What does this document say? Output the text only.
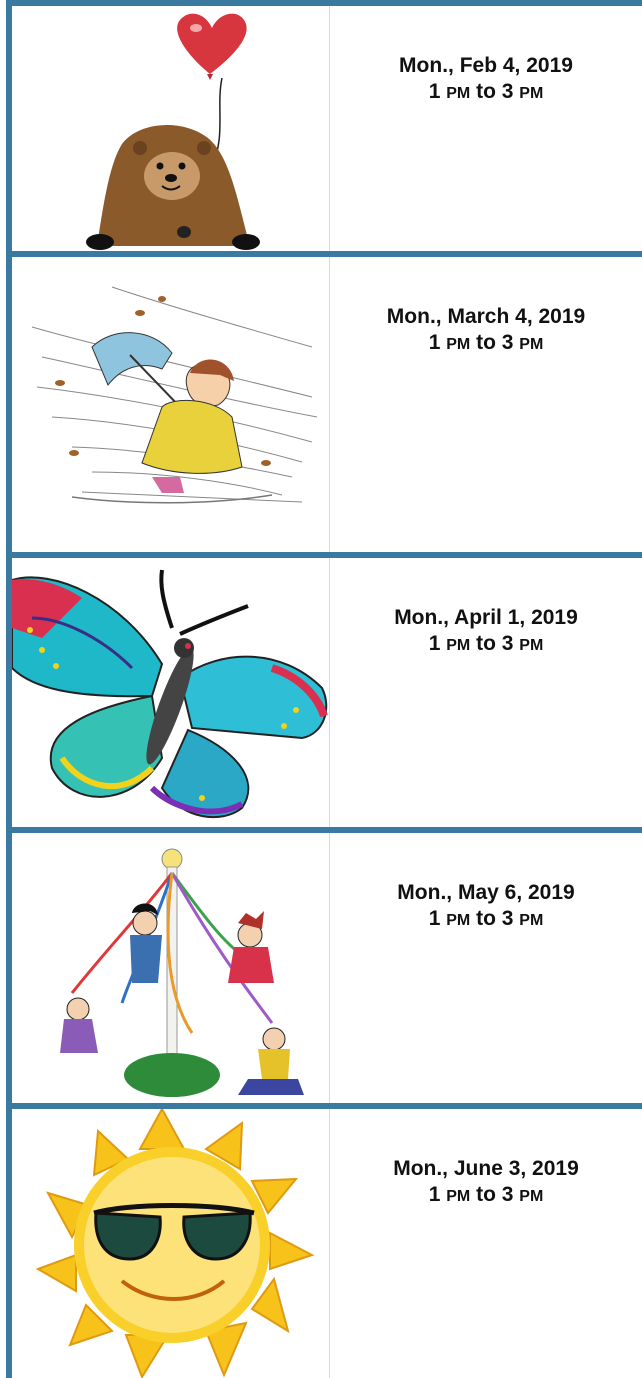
Mon., Feb 4, 2019
1 PM to 3 PM
Mon., March 4, 2019
1 PM to 3 PM
Mon., April 1, 2019
1 PM to 3 PM
Mon., May 6, 2019
1 PM to 3 PM
Mon., June 3, 2019
1 PM to 3 PM
